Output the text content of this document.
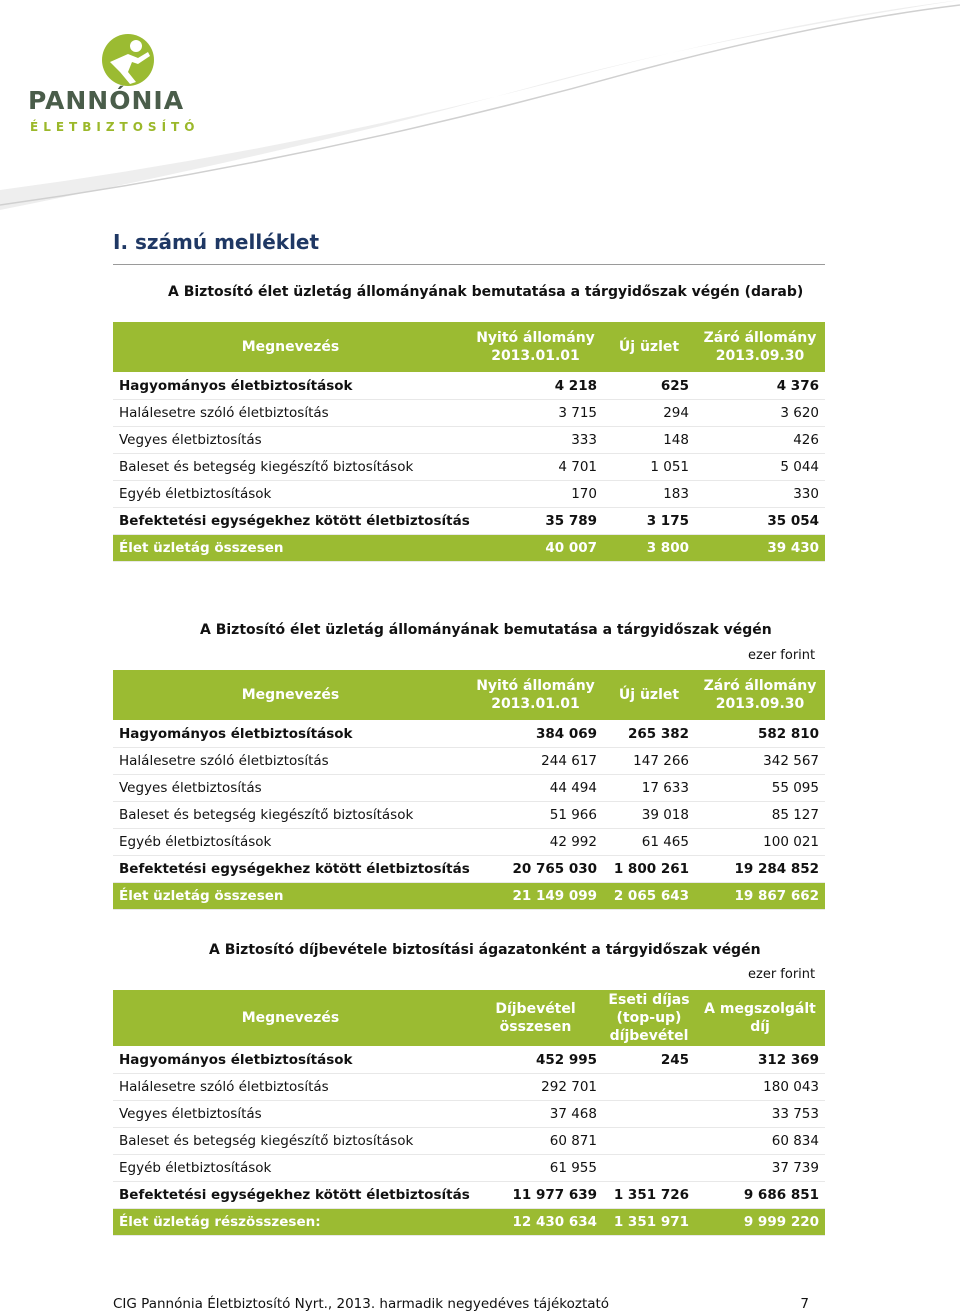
PANNÓNIA
ÉLETBIZTOSÍTÓ
I. számú melléklet
A Biztosító élet üzletág állományának bemutatása a tárgyidőszak végén (darab)
Megnevezés	Nyitó állomány 2013.01.01	Új üzlet	Záró állomány 2013.09.30
Hagyományos életbiztosítások	4 218	625	4 376
Halálesetre szóló életbiztosítás	3 715	294	3 620
Vegyes életbiztosítás	333	148	426
Baleset és betegség kiegészítő biztosítások	4 701	1 051	5 044
Egyéb életbiztosítások	170	183	330
Befektetési egységekhez kötött életbiztosítás	35 789	3 175	35 054
Élet üzletág összesen	40 007	3 800	39 430
A Biztosító élet üzletág állományának bemutatása a tárgyidőszak végén
ezer forint
Megnevezés	Nyitó állomány 2013.01.01	Új üzlet	Záró állomány 2013.09.30
Hagyományos életbiztosítások	384 069	265 382	582 810
Halálesetre szóló életbiztosítás	244 617	147 266	342 567
Vegyes életbiztosítás	44 494	17 633	55 095
Baleset és betegség kiegészítő biztosítások	51 966	39 018	85 127
Egyéb életbiztosítások	42 992	61 465	100 021
Befektetési egységekhez kötött életbiztosítás	20 765 030	1 800 261	19 284 852
Élet üzletág összesen	21 149 099	2 065 643	19 867 662
A Biztosító díjbevétele biztosítási ágazatonként a tárgyidőszak végén
ezer forint
Megnevezés	Díjbevétel összesen	Eseti díjas (top-up) díjbevétel	A megszolgált díj
Hagyományos életbiztosítások	452 995	245	312 369
Halálesetre szóló életbiztosítás	292 701		180 043
Vegyes életbiztosítás	37 468		33 753
Baleset és betegség kiegészítő biztosítások	60 871		60 834
Egyéb életbiztosítások	61 955		37 739
Befektetési egységekhez kötött életbiztosítás	11 977 639	1 351 726	9 686 851
Élet üzletág részösszesen:	12 430 634	1 351 971	9 999 220
CIG Pannónia Életbiztosító Nyrt., 2013. harmadik negyedéves tájékoztató	7
